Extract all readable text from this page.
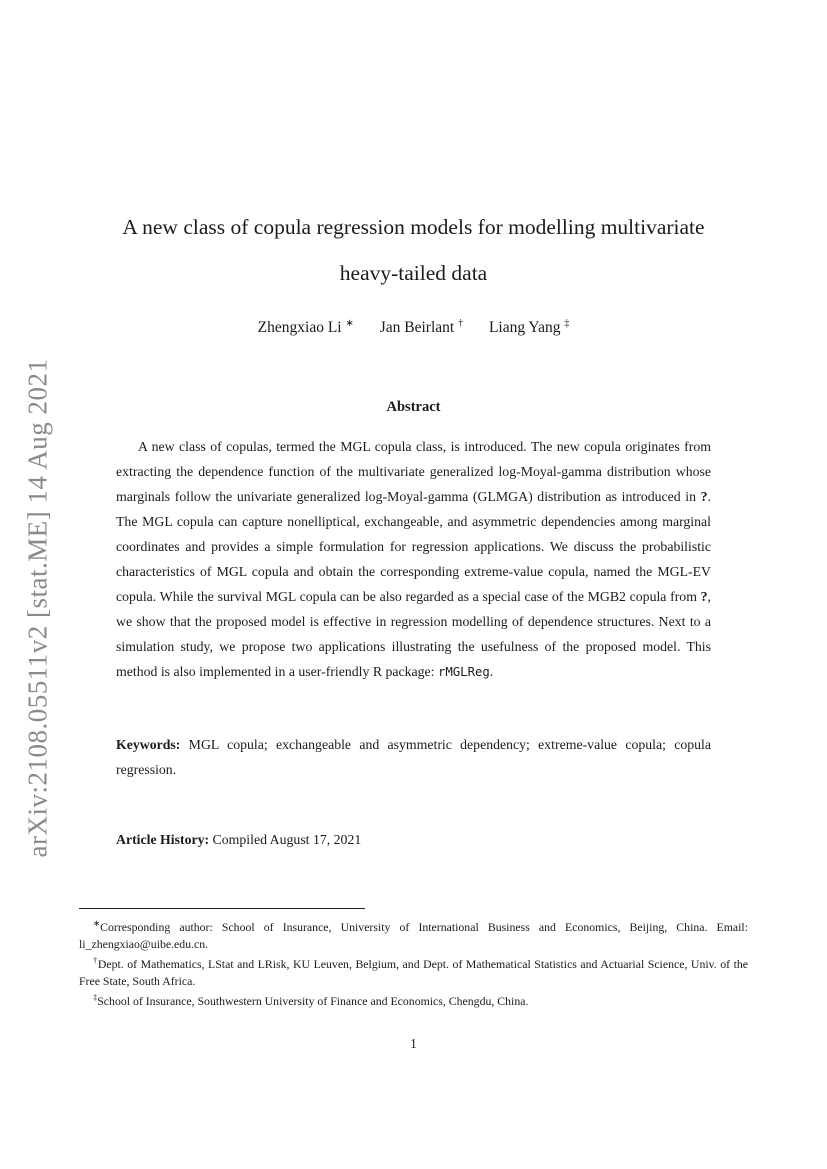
arXiv:2108.05511v2 [stat.ME] 14 Aug 2021
A new class of copula regression models for modelling multivariate
heavy-tailed data
Zhengxiao Li ∗ Jan Beirlant † Liang Yang ‡
Abstract

A new class of copulas, termed the MGL copula class, is introduced. The new copula originates from extracting the dependence function of the multivariate generalized log-Moyal-gamma distribution whose marginals follow the univariate generalized log-Moyal-gamma (GLMGA) distribution as introduced in ?. The MGL copula can capture nonelliptical, exchangeable, and asymmetric dependencies among marginal coordinates and provides a simple formulation for regression applications. We discuss the probabilistic characteristics of MGL copula and obtain the corresponding extreme-value copula, named the MGL-EV copula. While the survival MGL copula can be also regarded as a special case of the MGB2 copula from ?, we show that the proposed model is effective in regression modelling of dependence structures. Next to a simulation study, we propose two applications illustrating the usefulness of the proposed model. This method is also implemented in a user-friendly R package: rMGLReg.

Keywords: MGL copula; exchangeable and asymmetric dependency; extreme-value copula; copula regression.

Article History: Compiled August 17, 2021

∗Corresponding author: School of Insurance, University of International Business and Economics, Beijing, China. Email: li_zhengxiao@uibe.edu.cn.

†Dept. of Mathematics, LStat and LRisk, KU Leuven, Belgium, and Dept. of Mathematical Statistics and Actuarial Science, Univ. of the Free State, South Africa.

‡School of Insurance, Southwestern University of Finance and Economics, Chengdu, China.

1
